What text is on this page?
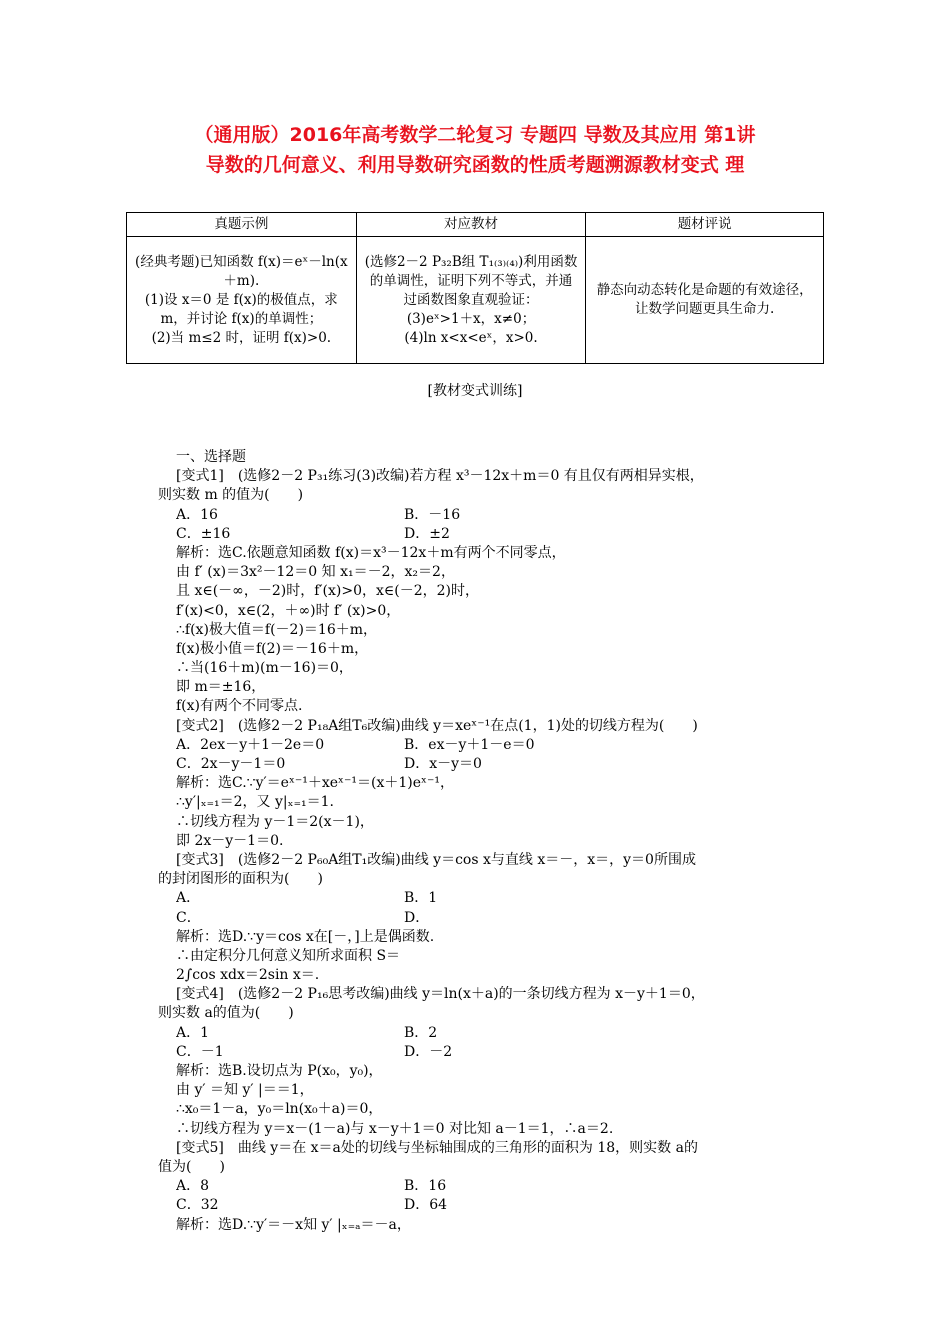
（通用版）2016年高考数学二轮复习 专题四 导数及其应用 第1讲
导数的几何意义、利用导数研究函数的性质考题溯源教材变式 理
真题示例	对应教材	题材评说
(经典考题)已知函数 f(x)＝eˣ－ln(x＋m).
(1)设 x＝0 是 f(x)的极值点，求 m，并讨论 f(x)的单调性；
(2)当 m≤2 时，证明 f(x)>0.	(选修2－2 P₃₂B组 T₁₍₃₎₍₄₎)利用函数的单调性，证明下列不等式，并通过函数图象直观验证：
(3)eˣ>1＋x，x≠0；
(4)ln x<x<eˣ，x>0.	静态向动态转化是命题的有效途径，让数学问题更具生命力.
[教材变式训练]
一、选择题
[变式1]　(选修2－2 P₃₁练习(3)改编)若方程 x³－12x＋m＝0 有且仅有两相异实根，
则实数 m 的值为(　　)
A．16	B．－16
C．±16	D．±2
解析：选C.依题意知函数 f(x)＝x³－12x＋m有两个不同零点，
由 f′ (x)＝3x²－12＝0 知 x₁＝－2，x₂＝2，
且 x∈(－∞，－2)时，f′(x)>0，x∈(－2，2)时，
f′(x)<0，x∈(2，＋∞)时 f′ (x)>0，
∴f(x)极大值＝f(－2)＝16＋m，
f(x)极小值＝f(2)＝－16＋m，
∴当(16＋m)(m－16)＝0，
即 m＝±16，
f(x)有两个不同零点.
[变式2]　(选修2－2 P₁₈A组T₆改编)曲线 y＝xeˣ⁻¹在点(1，1)处的切线方程为(　　)
A．2ex－y＋1－2e＝0	B．ex－y＋1－e＝0
C．2x－y－1＝0	D．x－y＝0
解析：选C.∵y′＝eˣ⁻¹＋xeˣ⁻¹＝(x＋1)eˣ⁻¹，
∴y′|ₓ₌₁＝2，又 y|ₓ₌₁＝1.
∴切线方程为 y－1＝2(x－1)，
即 2x－y－1＝0.
[变式3]　(选修2－2 P₆₀A组T₁改编)曲线 y＝cos x与直线 x＝－，x＝，y＝0所围成
的封闭图形的面积为(　　)
A．	B．1
C．	D．
解析：选D.∵y＝cos x在[－，]上是偶函数.
∴由定积分几何意义知所求面积 S＝
2∫cos xdx＝2sin x＝.
[变式4]　(选修2－2 P₁₆思考改编)曲线 y＝ln(x＋a)的一条切线方程为 x－y＋1＝0，
则实数 a的值为(　　)
A．1	B．2
C．－1	D．－2
解析：选B.设切点为 P(x₀，y₀)，
由 y′ ＝知 y′ |＝＝1，
∴x₀＝1－a，y₀＝ln(x₀＋a)＝0，
∴切线方程为 y＝x－(1－a)与 x－y＋1＝0 对比知 a－1＝1，∴a＝2.
[变式5]　曲线 y＝在 x＝a处的切线与坐标轴围成的三角形的面积为 18，则实数 a的
值为(　　)
A．8	B．16
C．32	D．64
解析：选D.∵y′＝－x知 y′ |ₓ₌ₐ＝－a，
